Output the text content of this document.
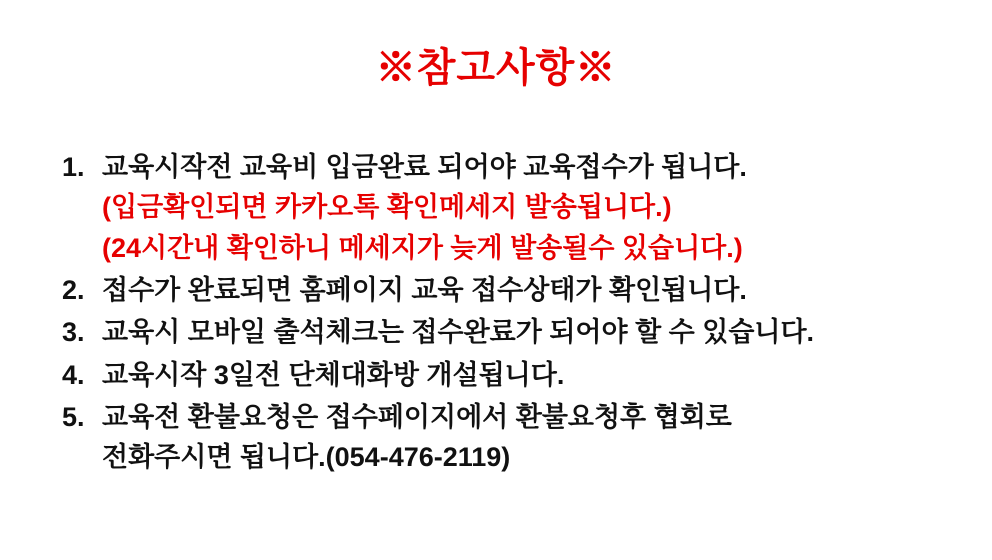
※참고사항※
1. 교육시작전 교육비 입금완료 되어야 교육접수가 됩니다.
(입금확인되면 카카오톡 확인메세지 발송됩니다.)
(24시간내 확인하니 메세지가 늦게 발송될수 있습니다.)
2. 접수가 완료되면 홈페이지 교육 접수상태가 확인됩니다.
3. 교육시 모바일 출석체크는 접수완료가 되어야 할 수 있습니다.
4. 교육시작 3일전 단체대화방 개설됩니다.
5. 교육전 환불요청은 접수페이지에서 환불요청후 협회로
전화주시면 됩니다.(054-476-2119)
